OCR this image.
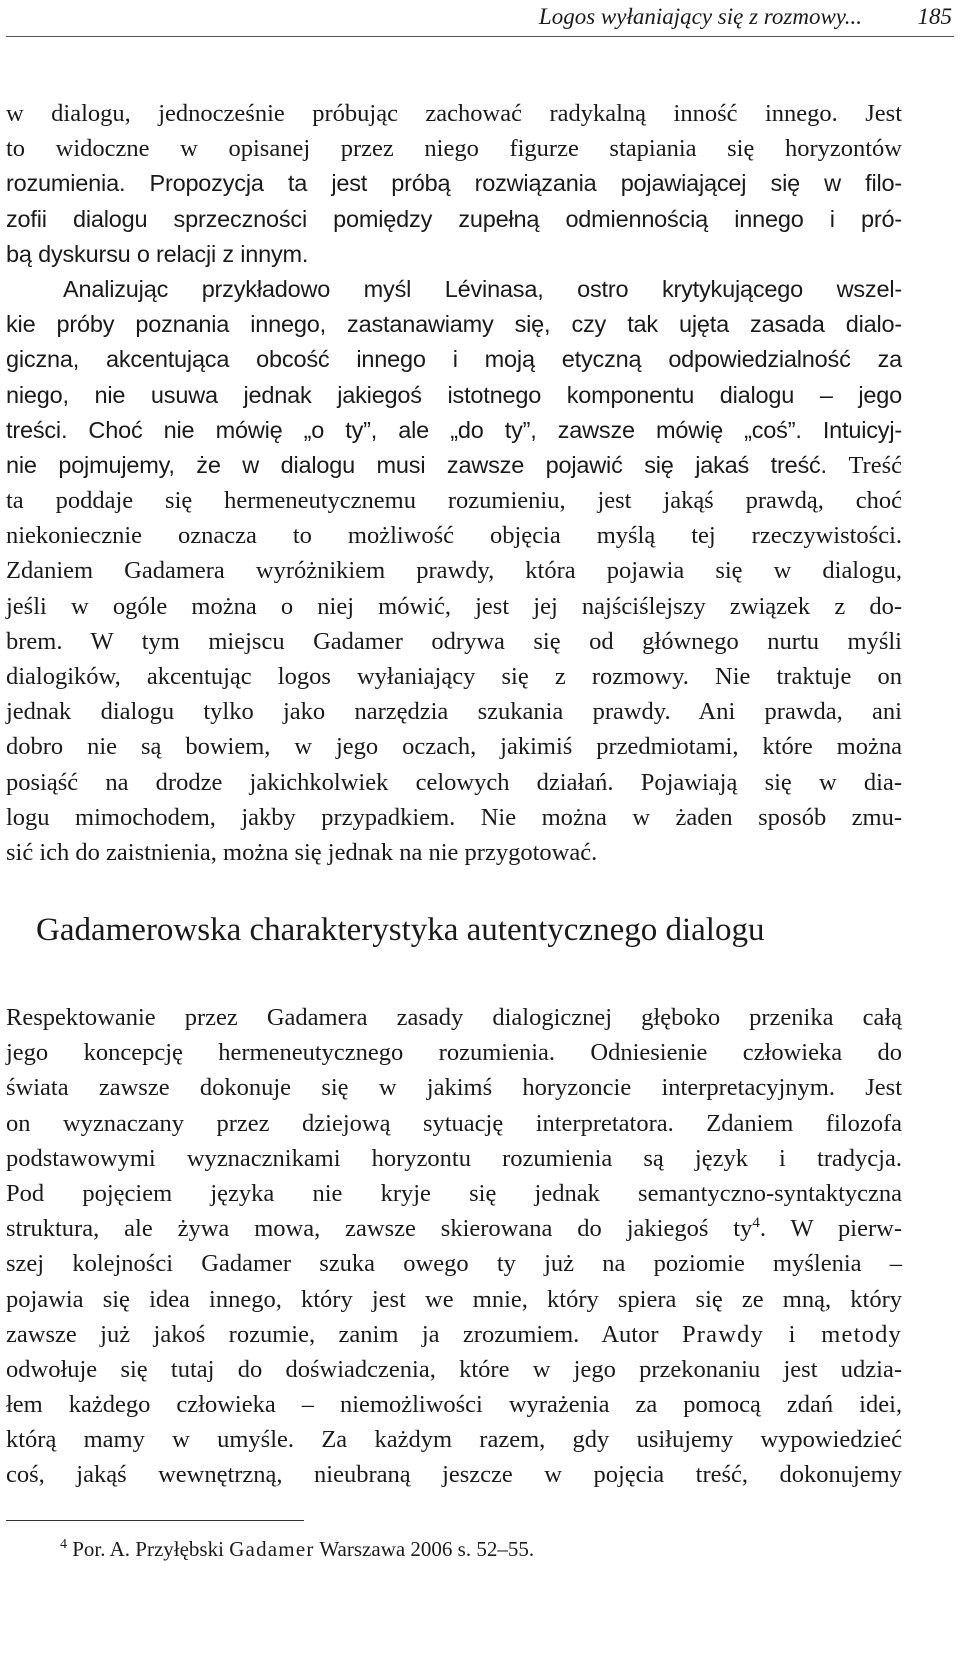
Logos wyłaniający się z rozmowy... 185
w dialogu, jednocześnie próbując zachować radykalną inność innego. Jest
to widoczne w opisanej przez niego figurze stapiania się horyzontów
rozumienia. Propozycja ta jest próbą rozwiązania pojawiającej się w filo-
zofii dialogu sprzeczności pomiędzy zupełną odmiennością innego i pró-
bą dyskursu o relacji z innym.
Analizując przykładowo myśl Lévinasa, ostro krytykującego wszel-
kie próby poznania innego, zastanawiamy się, czy tak ujęta zasada dialo-
giczna, akcentująca obcość innego i moją etyczną odpowiedzialność za
niego, nie usuwa jednak jakiegoś istotnego komponentu dialogu – jego
treści. Choć nie mówię „o ty”, ale „do ty”, zawsze mówię „coś”. Intuicyj-
nie pojmujemy, że w dialogu musi zawsze pojawić się jakaś treść. Treść
ta poddaje się hermeneutycznemu rozumieniu, jest jakąś prawdą, choć
niekoniecznie oznacza to możliwość objęcia myślą tej rzeczywistości.
Zdaniem Gadamera wyróżnikiem prawdy, która pojawia się w dialogu,
jeśli w ogóle można o niej mówić, jest jej najściślejszy związek z do-
brem. W tym miejscu Gadamer odrywa się od głównego nurtu myśli
dialogików, akcentując logos wyłaniający się z rozmowy. Nie traktuje on
jednak dialogu tylko jako narzędzia szukania prawdy. Ani prawda, ani
dobro nie są bowiem, w jego oczach, jakimiś przedmiotami, które można
posiąść na drodze jakichkolwiek celowych działań. Pojawiają się w dia-
logu mimochodem, jakby przypadkiem. Nie można w żaden sposób zmu-
sić ich do zaistnienia, można się jednak na nie przygotować.
Gadamerowska charakterystyka autentycznego dialogu
Respektowanie przez Gadamera zasady dialogicznej głęboko przenika całą
jego koncepcję hermeneutycznego rozumienia. Odniesienie człowieka do
świata zawsze dokonuje się w jakimś horyzoncie interpretacyjnym. Jest
on wyznaczany przez dziejową sytuację interpretatora. Zdaniem filozofa
podstawowymi wyznacznikami horyzontu rozumienia są język i tradycja.
Pod pojęciem języka nie kryje się jednak semantyczno-syntaktyczna
struktura, ale żywa mowa, zawsze skierowana do jakiegoś $ty^4$. W pierw-
szej kolejności Gadamer szuka owego ty już na poziomie myślenia –
pojawia się idea innego, który jest we mnie, który spiera się ze mną, który
zawsze już jakoś rozumie, zanim ja zrozumiem. Autor Prawdy i metody
odwołuje się tutaj do doświadczenia, które w jego przekonaniu jest udzia-
łem każdego człowieka – niemożliwości wyrażenia za pomocą zdań idei,
którą mamy w umyśle. Za każdym razem, gdy usiłujemy wypowiedzieć
coś, jakąś wewnętrzną, nieubraną jeszcze w pojęcia treść, dokonujemy
$^4$ Por. A. Przyłębski Gadamer Warszawa 2006 s. 52–55.
